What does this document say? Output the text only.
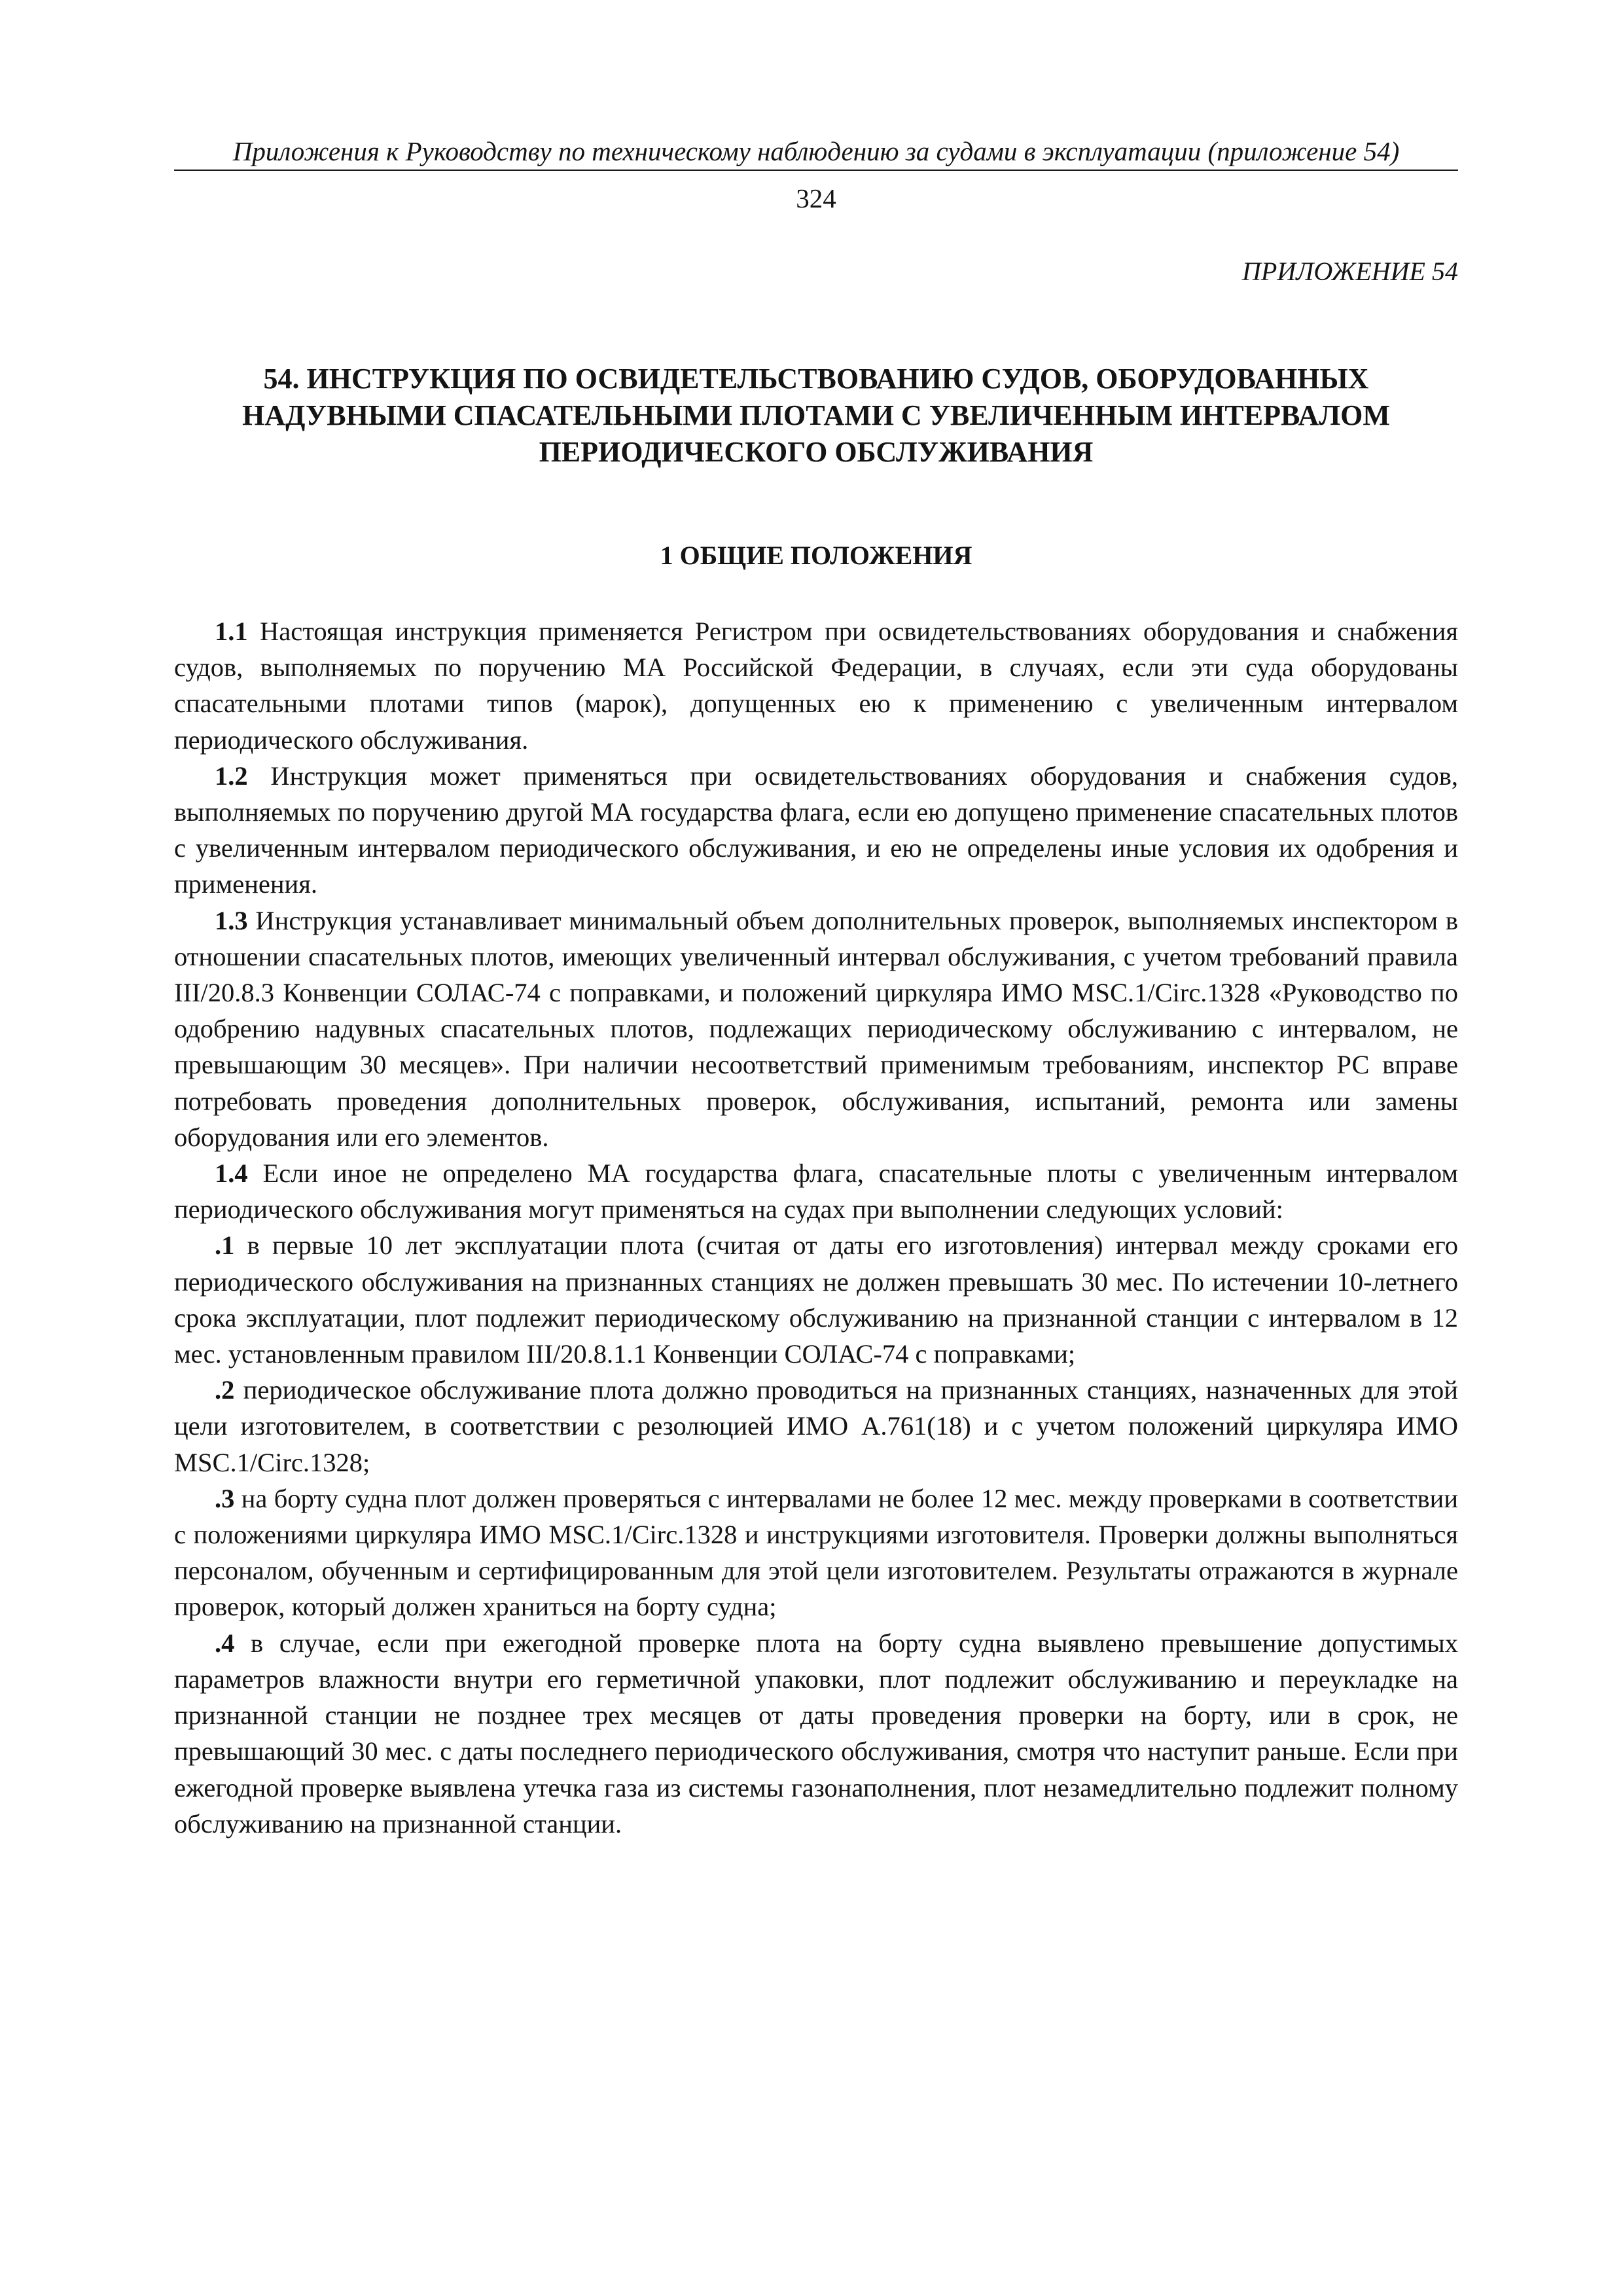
Приложения к Руководству по техническому наблюдению за судами в эксплуатации (приложение 54)
324
ПРИЛОЖЕНИЕ 54
54. ИНСТРУКЦИЯ ПО ОСВИДЕТЕЛЬСТВОВАНИЮ СУДОВ, ОБОРУДОВАННЫХ
НАДУВНЫМИ СПАСАТЕЛЬНЫМИ ПЛОТАМИ С УВЕЛИЧЕННЫМ ИНТЕРВАЛОМ
ПЕРИОДИЧЕСКОГО ОБСЛУЖИВАНИЯ
1 ОБЩИЕ ПОЛОЖЕНИЯ

1.1 Настоящая инструкция применяется Регистром при освидетельствованиях оборудования и снабжения судов, выполняемых по поручению МА Российской Федерации, в случаях, если эти суда оборудованы спасательными плотами типов (марок), допущенных ею к применению с увеличенным интервалом периодического обслуживания.

1.2 Инструкция может применяться при освидетельствованиях оборудования и снабжения судов, выполняемых по поручению другой МА государства флага, если ею допущено применение спасательных плотов с увеличенным интервалом периодического обслуживания, и ею не определены иные условия их одобрения и применения.

1.3 Инструкция устанавливает минимальный объем дополнительных проверок, выполняемых инспектором в отношении спасательных плотов, имеющих увеличенный интервал обслуживания, с учетом требований правила III/20.8.3 Конвенции СОЛАС-74 с поправками, и положений циркуляра ИМО MSC.1/Circ.1328 «Руководство по одобрению надувных спасательных плотов, подлежащих периодическому обслуживанию с интервалом, не превышающим 30 месяцев». При наличии несоответствий применимым требованиям, инспектор РС вправе потребовать проведения дополнительных проверок, обслуживания, испытаний, ремонта или замены оборудования или его элементов.

1.4 Если иное не определено МА государства флага, спасательные плоты с увеличенным интервалом периодического обслуживания могут применяться на судах при выполнении следующих условий:

.1 в первые 10 лет эксплуатации плота (считая от даты его изготовления) интервал между сроками его периодического обслуживания на признанных станциях не должен превышать 30 мес. По истечении 10-летнего срока эксплуатации, плот подлежит периодическому обслуживанию на признанной станции с интервалом в 12 мес. установленным правилом III/20.8.1.1 Конвенции СОЛАС-74 с поправками;

.2 периодическое обслуживание плота должно проводиться на признанных станциях, назначенных для этой цели изготовителем, в соответствии с резолюцией ИМО А.761(18) и с учетом положений циркуляра ИМО MSC.1/Circ.1328;

.3 на борту судна плот должен проверяться с интервалами не более 12 мес. между проверками в соответствии с положениями циркуляра ИМО MSC.1/Circ.1328 и инструкциями изготовителя. Проверки должны выполняться персоналом, обученным и сертифицированным для этой цели изготовителем. Результаты отражаются в журнале проверок, который должен храниться на борту судна;

.4 в случае, если при ежегодной проверке плота на борту судна выявлено превышение допустимых параметров влажности внутри его герметичной упаковки, плот подлежит обслуживанию и переукладке на признанной станции не позднее трех месяцев от даты проведения проверки на борту, или в срок, не превышающий 30 мес. с даты последнего периодического обслуживания, смотря что наступит раньше. Если при ежегодной проверке выявлена утечка газа из системы газонаполнения, плот незамедлительно подлежит полному обслуживанию на признанной станции.
